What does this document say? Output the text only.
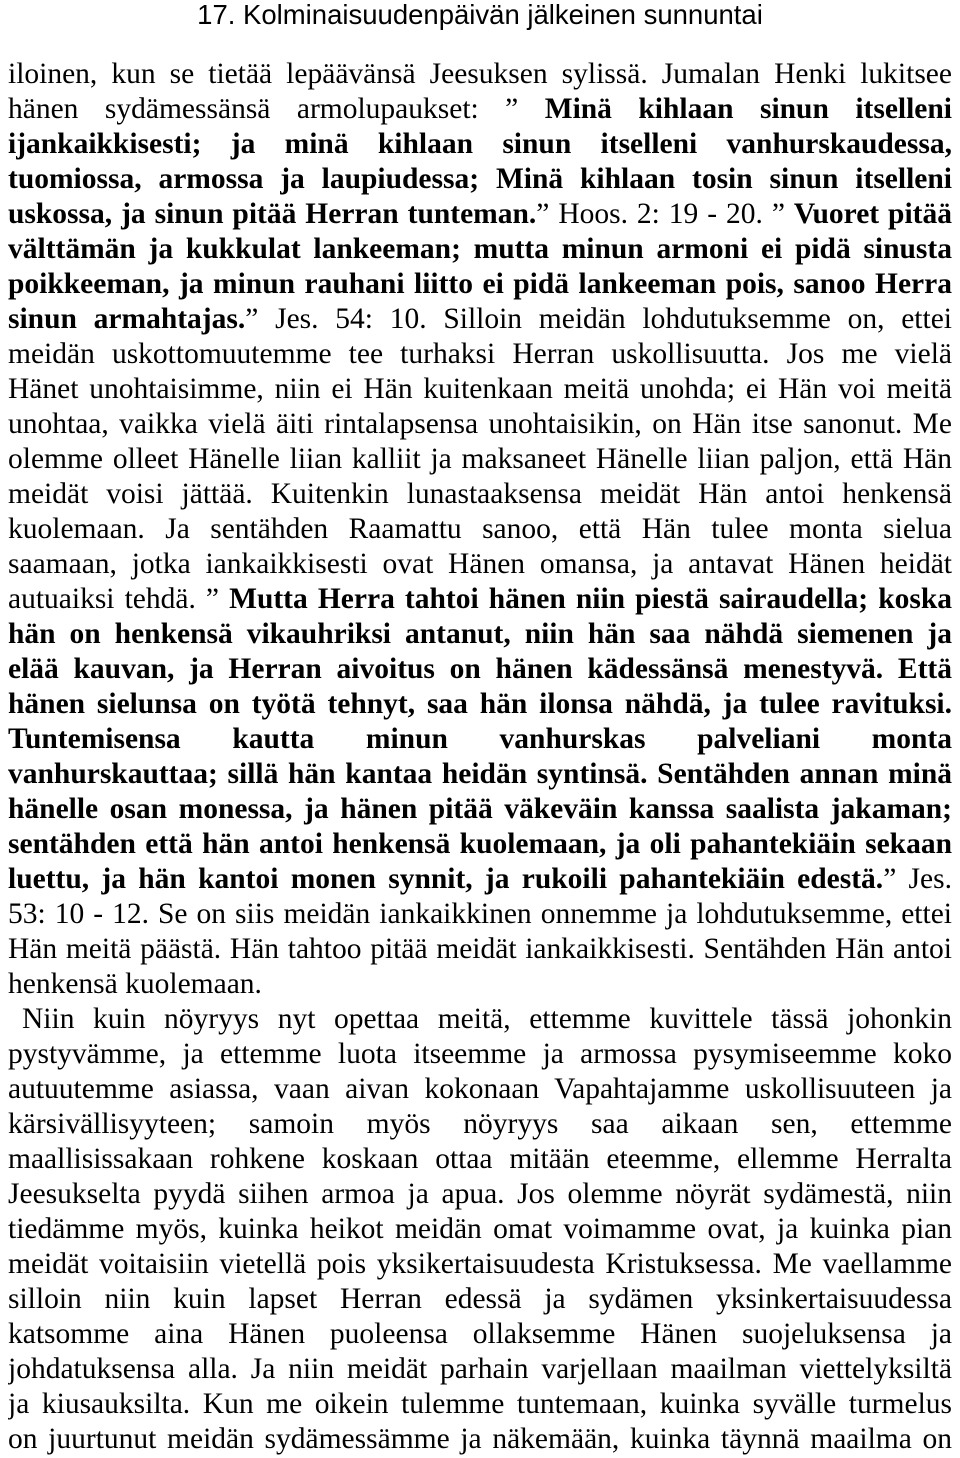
17. Kolminaisuudenpäivän jälkeinen sunnuntai
iloinen, kun se tietää lepäävänsä Jeesuksen sylissä. Jumalan Henki lukitsee
hänen sydämessänsä armolupaukset: ” Minä kihlaan sinun itselleni
ijankaikkisesti; ja minä kihlaan sinun itselleni vanhurskaudessa,
tuomiossa, armossa ja laupiudessa; Minä kihlaan tosin sinun itselleni
uskossa, ja sinun pitää Herran tunteman.” Hoos. 2: 19 - 20. ” Vuoret pitää
välttämän ja kukkulat lankeeman; mutta minun armoni ei pidä sinusta
poikkeeman, ja minun rauhani liitto ei pidä lankeeman pois, sanoo Herra
sinun armahtajas.” Jes. 54: 10. Silloin meidän lohdutuksemme on, ettei
meidän uskottomuutemme tee turhaksi Herran uskollisuutta. Jos me vielä
Hänet unohtaisimme, niin ei Hän kuitenkaan meitä unohda; ei Hän voi meitä
unohtaa, vaikka vielä äiti rintalapsensa unohtaisikin, on Hän itse sanonut. Me
olemme olleet Hänelle liian kalliit ja maksaneet Hänelle liian paljon, että Hän
meidät voisi jättää. Kuitenkin lunastaaksensa meidät Hän antoi henkensä
kuolemaan. Ja sentähden Raamattu sanoo, että Hän tulee monta sielua
saamaan, jotka iankaikkisesti ovat Hänen omansa, ja antavat Hänen heidät
autuaiksi tehdä. ” Mutta Herra tahtoi hänen niin piestä sairaudella; koska
hän on henkensä vikauhriksi antanut, niin hän saa nähdä siemenen ja
elää kauvan, ja Herran aivoitus on hänen kädessänsä menestyvä. Että
hänen sielunsa on työtä tehnyt, saa hän ilonsa nähdä, ja tulee ravituksi.
Tuntemisensa kautta minun vanhurskas palveliani monta
vanhurskauttaa; sillä hän kantaa heidän syntinsä. Sentähden annan minä
hänelle osan monessa, ja hänen pitää väkeväin kanssa saalista jakaman;
sentähden että hän antoi henkensä kuolemaan, ja oli pahantekiäin sekaan
luettu, ja hän kantoi monen synnit, ja rukoili pahantekiäin edestä.” Jes.
53: 10 - 12. Se on siis meidän iankaikkinen onnemme ja lohdutuksemme, ettei
Hän meitä päästä. Hän tahtoo pitää meidät iankaikkisesti. Sentähden Hän antoi
henkensä kuolemaan.
Niin kuin nöyryys nyt opettaa meitä, ettemme kuvittele tässä johonkin
pystyvämme, ja ettemme luota itseemme ja armossa pysymiseemme koko
autuutemme asiassa, vaan aivan kokonaan Vapahtajamme uskollisuuteen ja
kärsivällisyyteen; samoin myös nöyryys saa aikaan sen, ettemme
maallisissakaan rohkene koskaan ottaa mitään eteemme, ellemme Herralta
Jeesukselta pyydä siihen armoa ja apua. Jos olemme nöyrät sydämestä, niin
tiedämme myös, kuinka heikot meidän omat voimamme ovat, ja kuinka pian
meidät voitaisiin vietellä pois yksikertaisuudesta Kristuksessa. Me vaellamme
silloin niin kuin lapset Herran edessä ja sydämen yksinkertaisuudessa
katsomme aina Hänen puoleensa ollaksemme Hänen suojeluksensa ja
johdatuksensa alla. Ja niin meidät parhain varjellaan maailman viettelyksiltä
ja kiusauksilta. Kun me oikein tulemme tuntemaan, kuinka syvälle turmelus
on juurtunut meidän sydämessämme ja näkemään, kuinka täynnä maailma on
